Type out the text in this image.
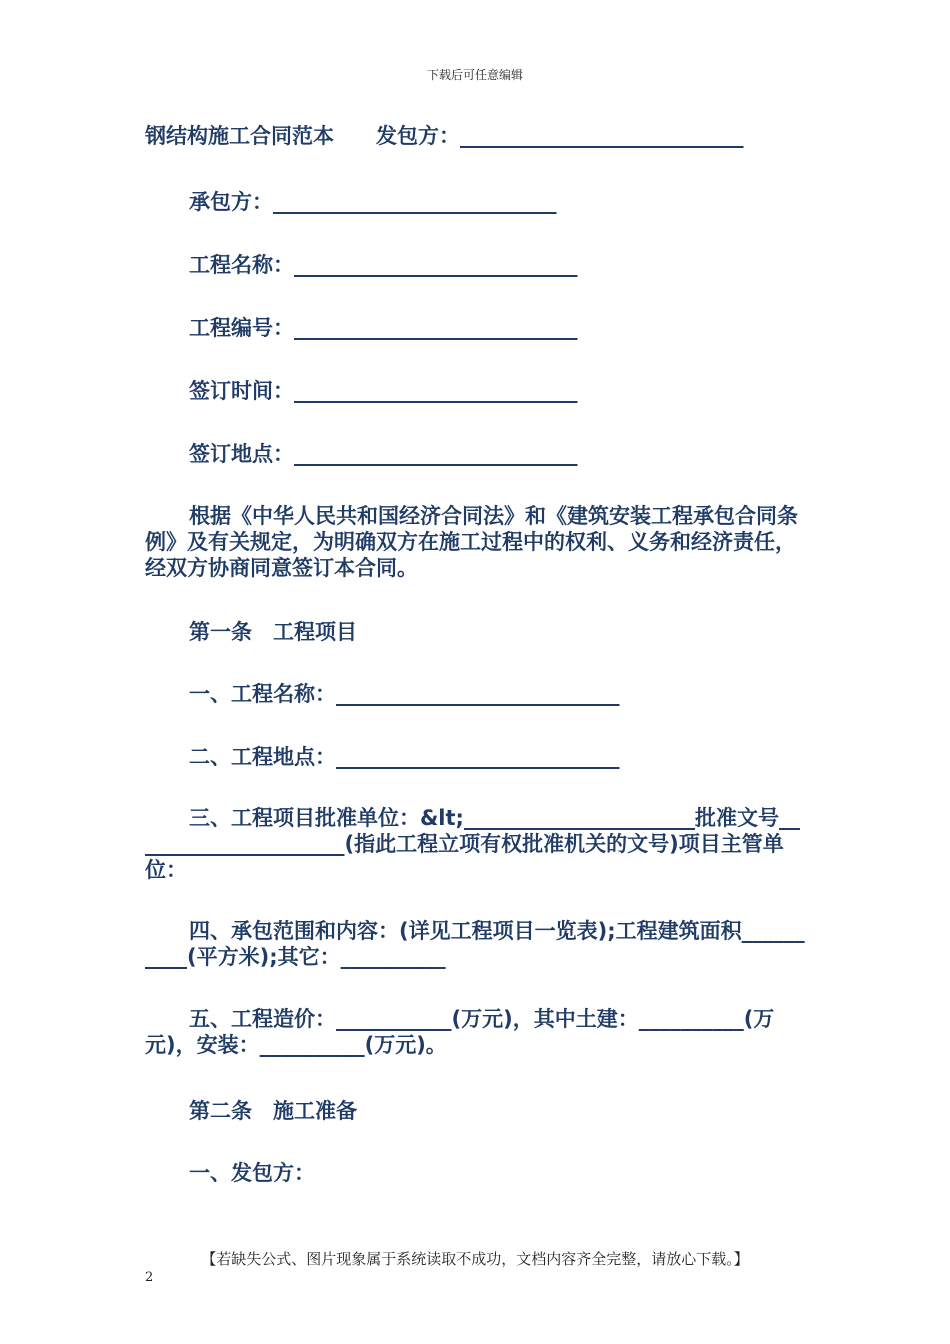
下载后可任意编辑
钢结构施工合同范本　　发包方：___________________________
承包方：___________________________
工程名称：___________________________
工程编号：___________________________
签订时间：___________________________
签订地点：___________________________
根据《中华人民共和国经济合同法》和《建筑安装工程承包合同条例》及有关规定，为明确双方在施工过程中的权利、义务和经济责任，经双方协商同意签订本合同。
第一条　工程项目
一、工程名称：___________________________
二、工程地点：___________________________
三、工程项目批准单位：&lt;______________________批准文号_____________________(指此工程立项有权批准机关的文号)项目主管单位：
四、承包范围和内容：(详见工程项目一览表);工程建筑面积__________(平方米);其它：__________
五、工程造价：___________(万元)，其中土建：__________(万元)，安装：__________(万元)。
第二条　施工准备
一、发包方：
【若缺失公式、图片现象属于系统读取不成功，文档内容齐全完整，请放心下载。】
2
